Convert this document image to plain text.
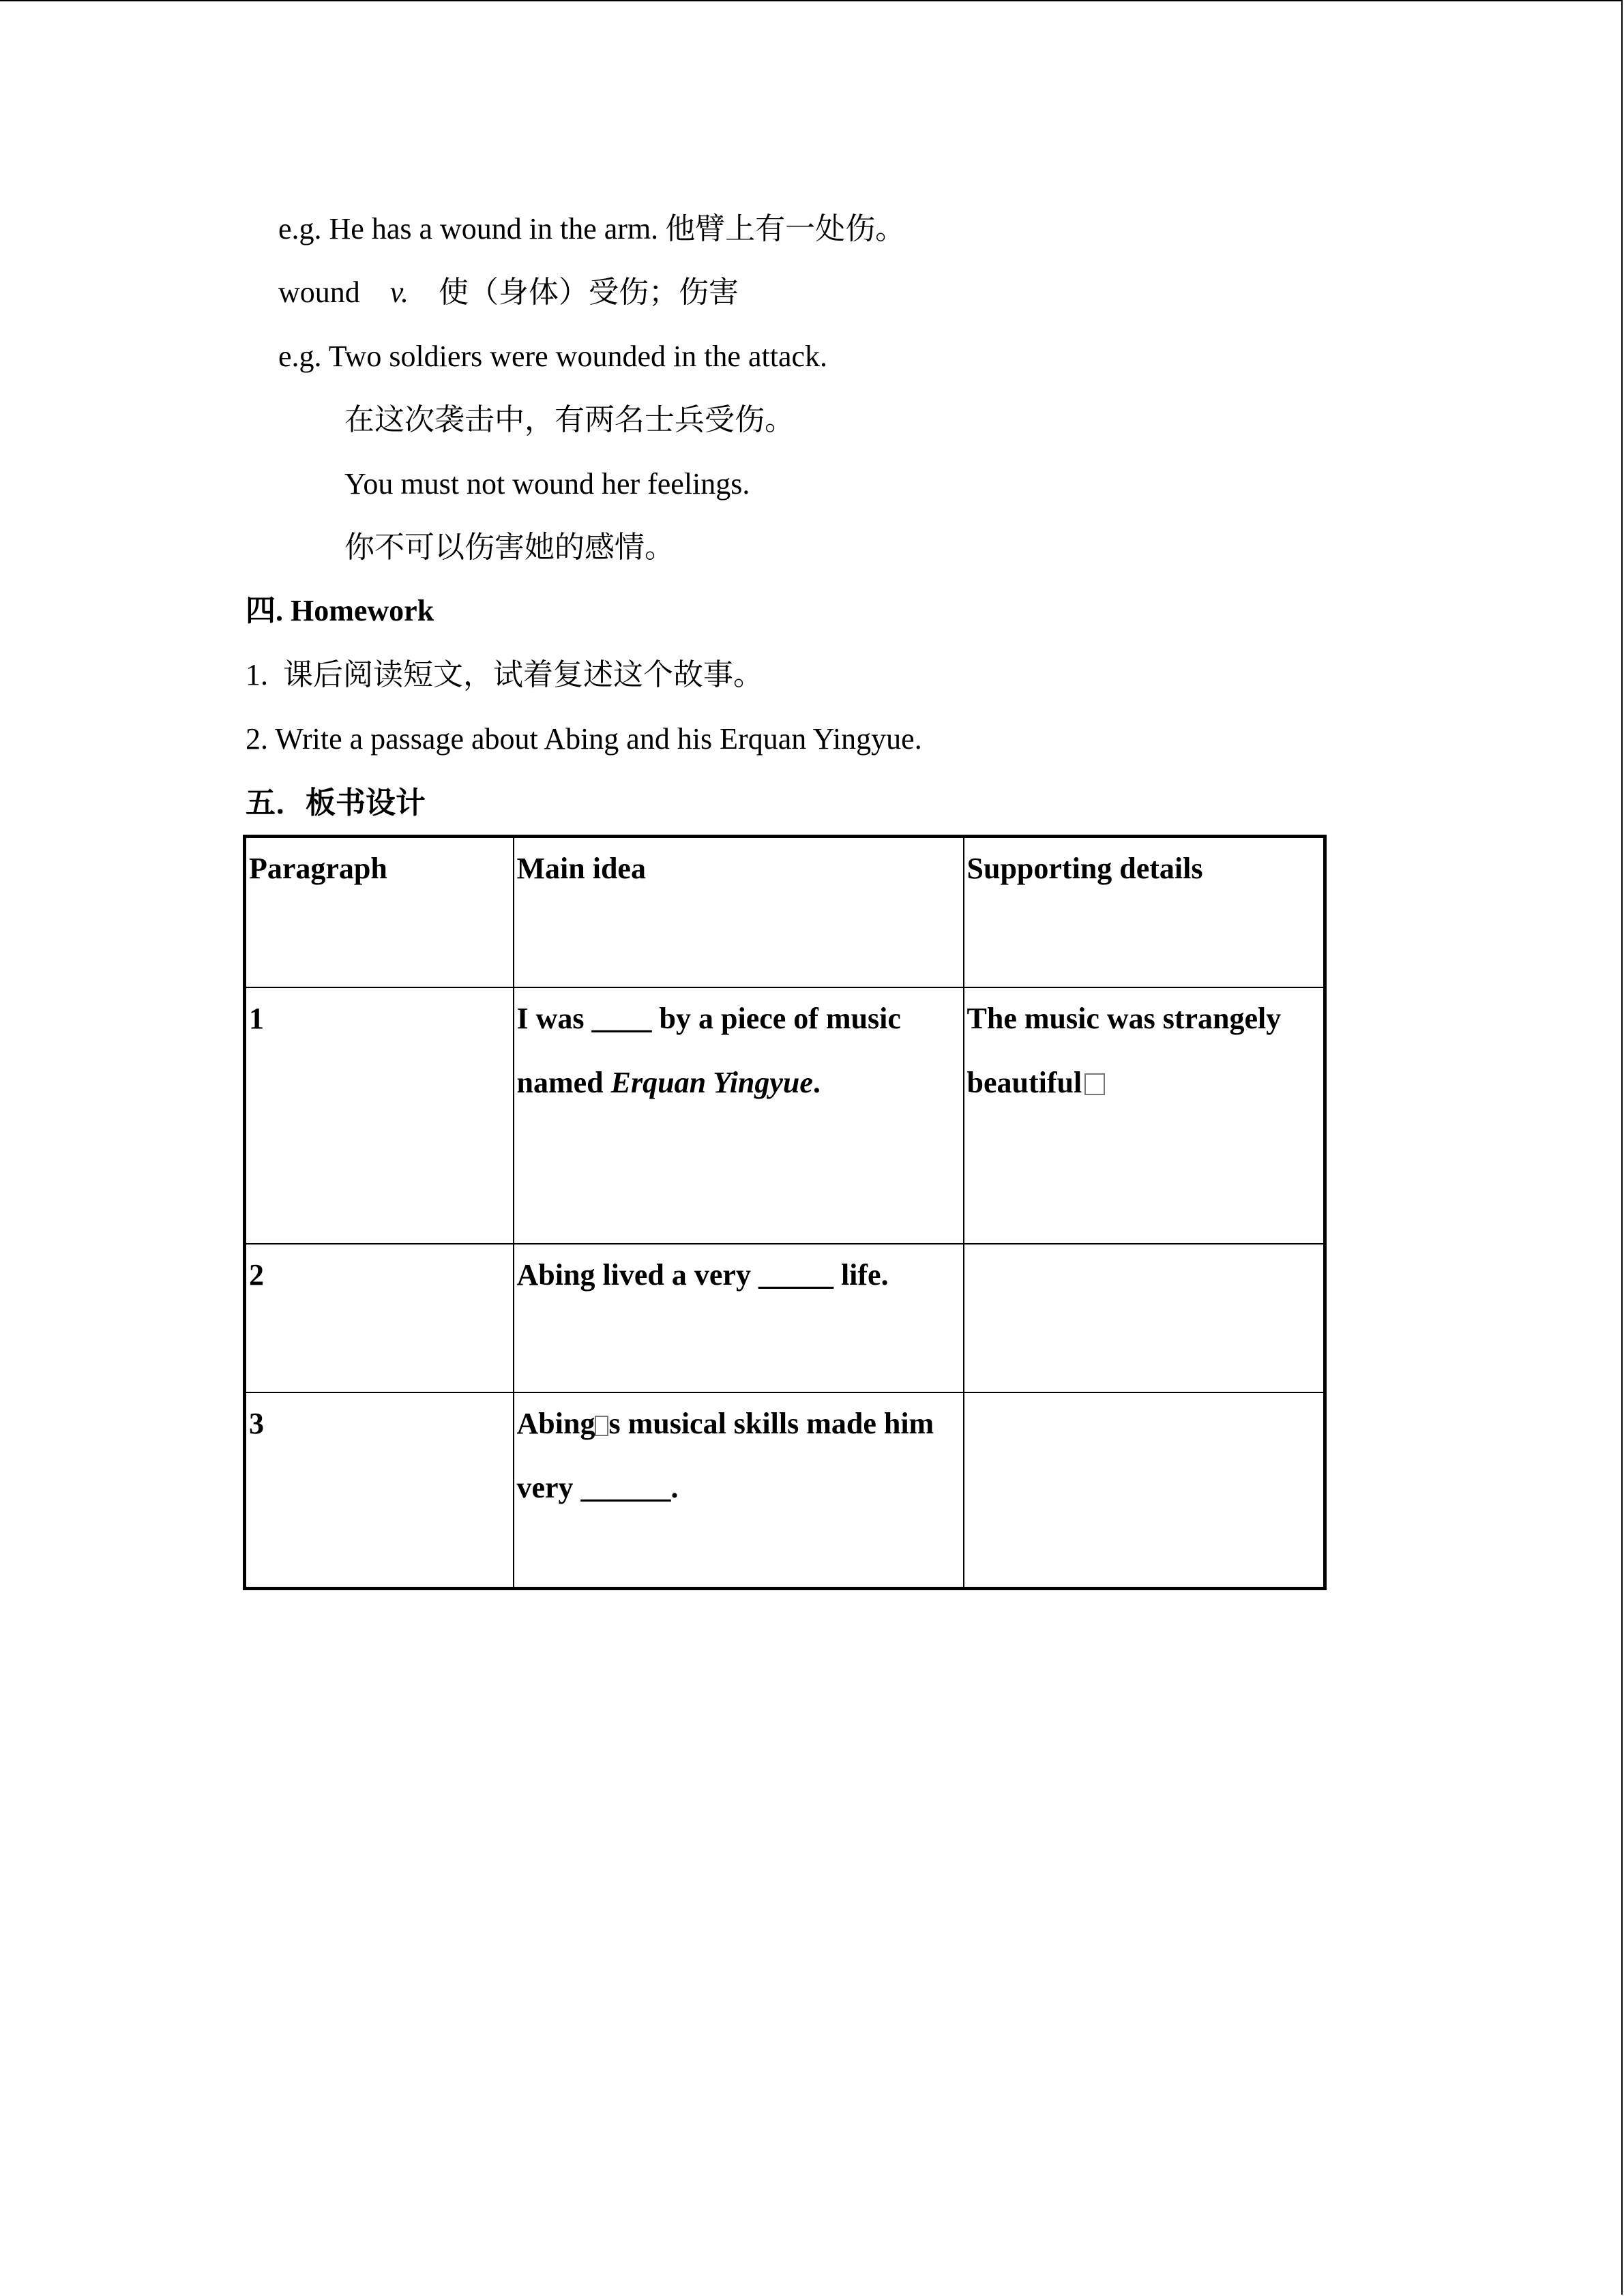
e.g. He has a wound in the arm. 他臂上有一处伤。
wound v. 使（身体）受伤；伤害
e.g. Two soldiers were wounded in the attack.
在这次袭击中，有两名士兵受伤。
You must not wound her feelings.
你不可以伤害她的感情。
四. Homework
1.  课后阅读短文，试着复述这个故事。
2. Write a passage about Abing and his Erquan Yingyue.
五．板书设计
Paragraph	Main idea	Supporting details

1	I was ____ by a piece of music named Erquan Yingyue.	The music was strangely beautiful

2	Abing lived a very _____ life.	

3	Abing s musical skills made him very ______.	
